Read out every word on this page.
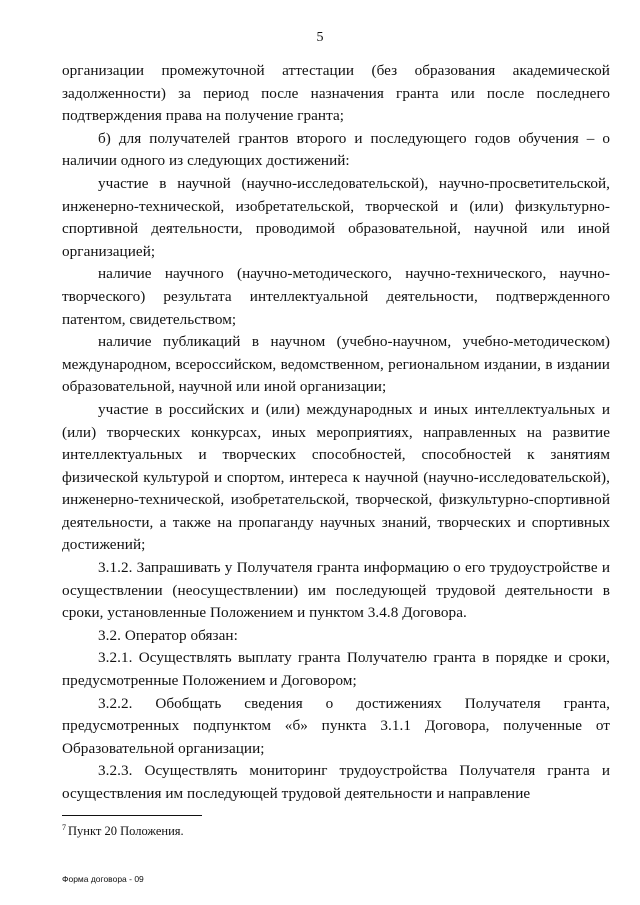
5

организации промежуточной аттестации (без образования академической задолженности) за период после назначения гранта или после последнего подтверждения права на получение гранта;

б) для получателей грантов второго и последующего годов обучения – о наличии одного из следующих достижений:

участие в научной (научно-исследовательской), научно-просветительской, инженерно-технической, изобретательской, творческой и (или) физкультурно-спортивной деятельности, проводимой образовательной, научной или иной организацией;

наличие научного (научно-методического, научно-технического, научно-творческого) результата интеллектуальной деятельности, подтвержденного патентом, свидетельством;

наличие публикаций в научном (учебно-научном, учебно-методическом) международном, всероссийском, ведомственном, региональном издании, в издании образовательной, научной или иной организации;

участие в российских и (или) международных и иных интеллектуальных и (или) творческих конкурсах, иных мероприятиях, направленных на развитие интеллектуальных и творческих способностей, способностей к занятиям физической культурой и спортом, интереса к научной (научно-исследовательской), инженерно-технической, изобретательской, творческой, физкультурно-спортивной деятельности, а также на пропаганду научных знаний, творческих и спортивных достижений;

3.1.2. Запрашивать у Получателя гранта информацию о его трудоустройстве и осуществлении (неосуществлении) им последующей трудовой деятельности в сроки, установленные Положением и пунктом 3.4.8 Договора.

3.2. Оператор обязан:

3.2.1. Осуществлять выплату гранта Получателю гранта в порядке и сроки, предусмотренные Положением и Договором;

3.2.2. Обобщать сведения о достижениях Получателя гранта, предусмотренных подпунктом «б» пункта 3.1.1 Договора, полученные от Образовательной организации;

3.2.3. Осуществлять мониторинг трудоустройства Получателя гранта и осуществления им последующей трудовой деятельности и направление

$^7$ Пункт 20 Положения.
Форма договора - 09
